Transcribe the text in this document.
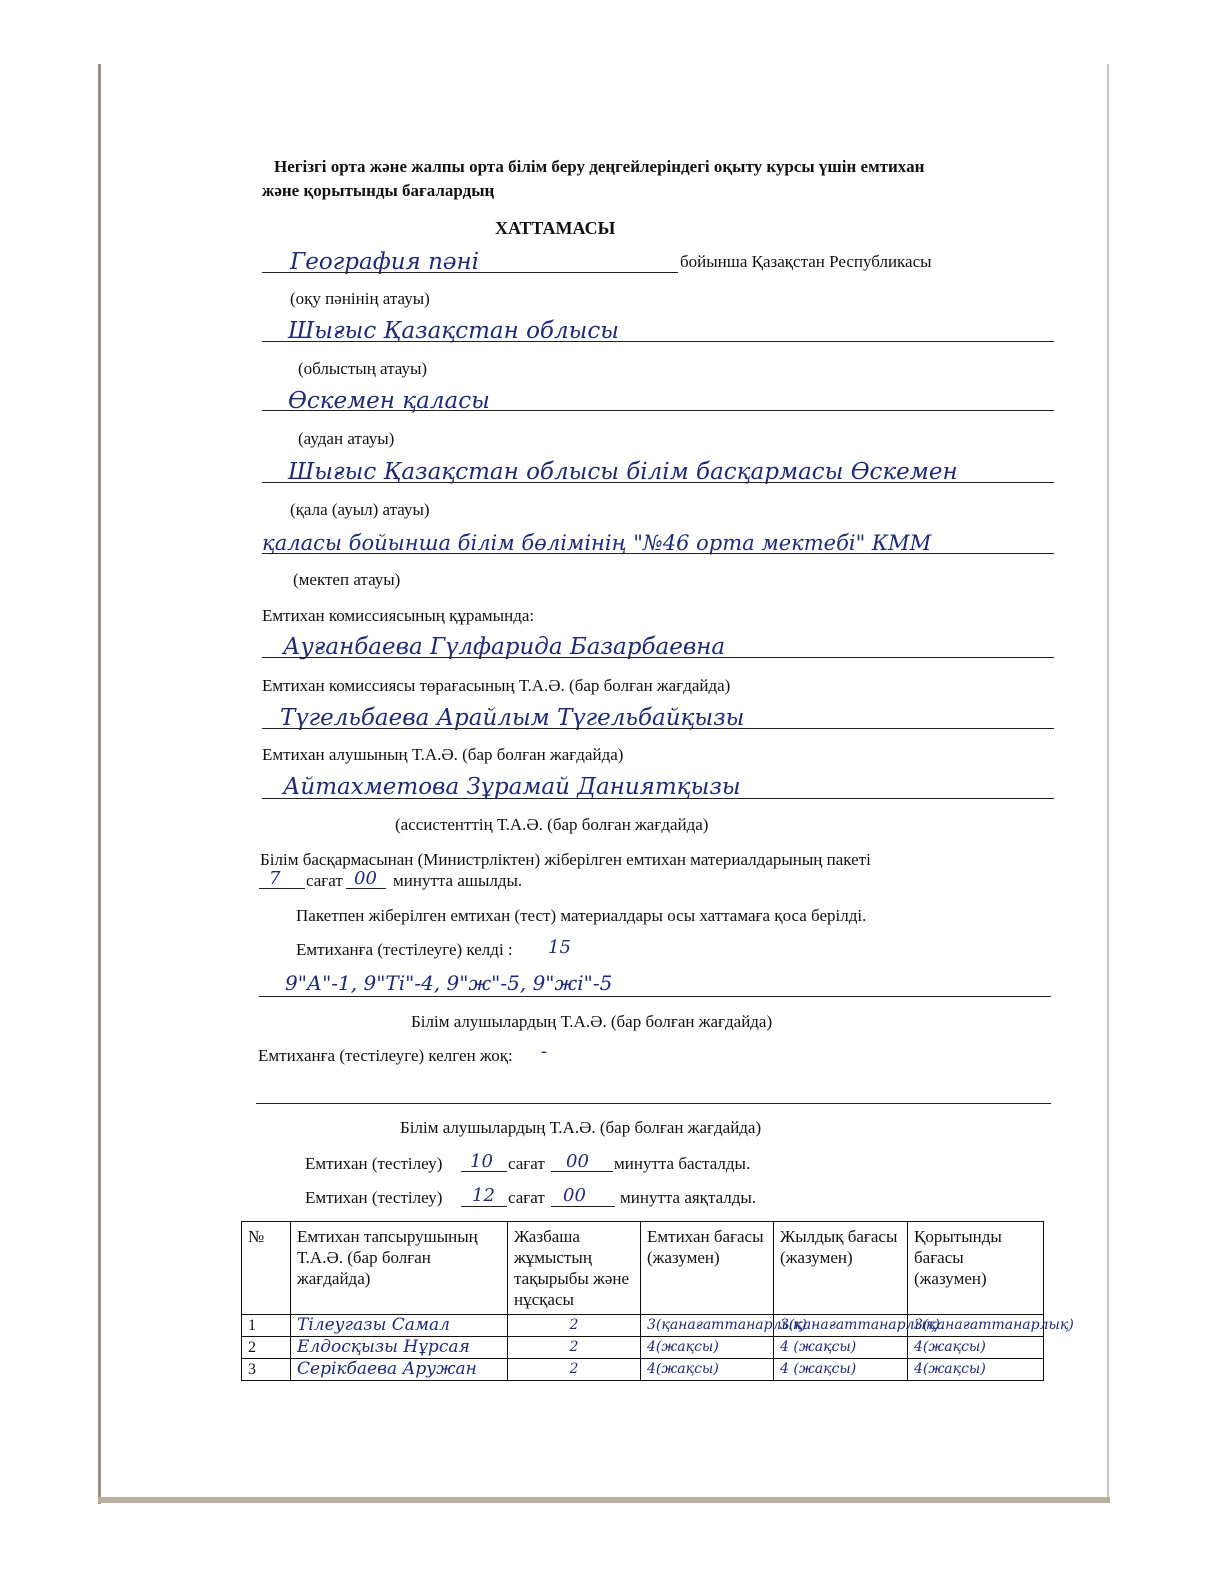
Негізгі орта және жалпы орта білім беру деңгейлеріндегі оқыту курсы үшін емтихан
және қорытынды бағалардың
ХАТТАМАСЫ
География пәні	бойынша Қазақстан Республикасы
(оқу пәнінің атауы)
Шығыс Қазақстан облысы
(облыстың атауы)
Өскемен қаласы
(аудан атауы)
Шығыс Қазақстан облысы білім басқармасы Өскемен
(қала (ауыл) атауы)
қаласы бойынша білім бөлімінің "№46 орта мектебі" КММ
(мектеп атауы)
Емтихан комиссиясының құрамында:
Ауғанбаева Гүлфарида Базарбаевна
Емтихан комиссиясы төрағасының Т.А.Ә. (бар болған жағдайда)
Түгельбаева Арайлым Түгельбайқызы
Емтихан алушының Т.А.Ә. (бар болған жағдайда)
Айтахметова Зұрамай Даниятқызы
(ассистенттің Т.А.Ә. (бар болған жағдайда)
Білім басқармасынан (Министрліктен) жіберілген емтихан материалдарының пакеті
7 сағат 00 минутта ашылды.
Пакетпен жіберілген емтихан (тест) материалдары осы хаттамаға қоса берілді.
Емтиханға (тестілеуге) келді : 15
9"А"-1, 9"Ті"-4, 9"ж"-5, 9"жі"-5
Білім алушылардың Т.А.Ә. (бар болған жағдайда)
Емтиханға (тестілеуге) келген жоқ: -
Білім алушылардың Т.А.Ә. (бар болған жағдайда)
Емтихан (тестілеу) 10 сағат 00 минутта басталды.
Емтихан (тестілеу) 12 сағат 00 минутта аяқталды.
№	Емтихан тапсырушының Т.А.Ә. (бар болған жағдайда)	Жазбаша жұмыстың тақырыбы және нұсқасы	Емтихан бағасы (жазумен)	Жылдық бағасы (жазумен)	Қорытынды бағасы (жазумен)

1	Тілеугазы Самал	2	3(қанағаттанарлық)	3(қанағаттанарлық)	3(қанағаттанарлық)
2	Елдосқызы Нұрсая	2	4(жақсы)	4 (жақсы)	4(жақсы)
3	Серікбаева Аружан	2	4(жақсы)	4 (жақсы)	4(жақсы)
